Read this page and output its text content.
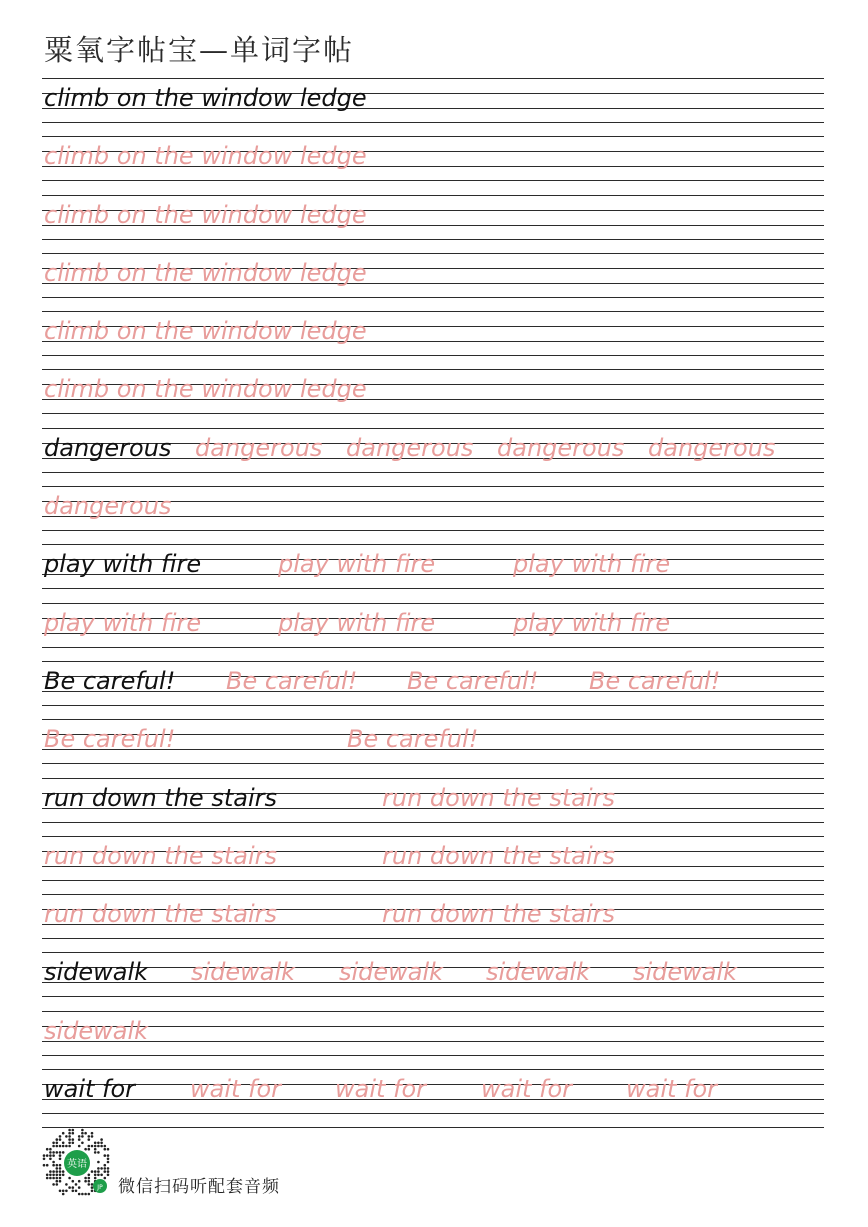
粟氧字帖宝—单词字帖
climb on the window ledge
climb on the window ledge
climb on the window ledge
climb on the window ledge
climb on the window ledge
climb on the window ledge
dangerous dangerous dangerous dangerous dangerous
dangerous
play with fire	play with fire	play with fire
play with fire	play with fire	play with fire
Be careful! Be careful! Be careful! Be careful!
Be careful!	Be careful!
run down the stairs	run down the stairs
run down the stairs	run down the stairs
run down the stairs	run down the stairs
sidewalk sidewalk sidewalk sidewalk sidewalk
sidewalk
wait for wait for wait for wait for wait for
英语
JP 微信扫码听配套音频
